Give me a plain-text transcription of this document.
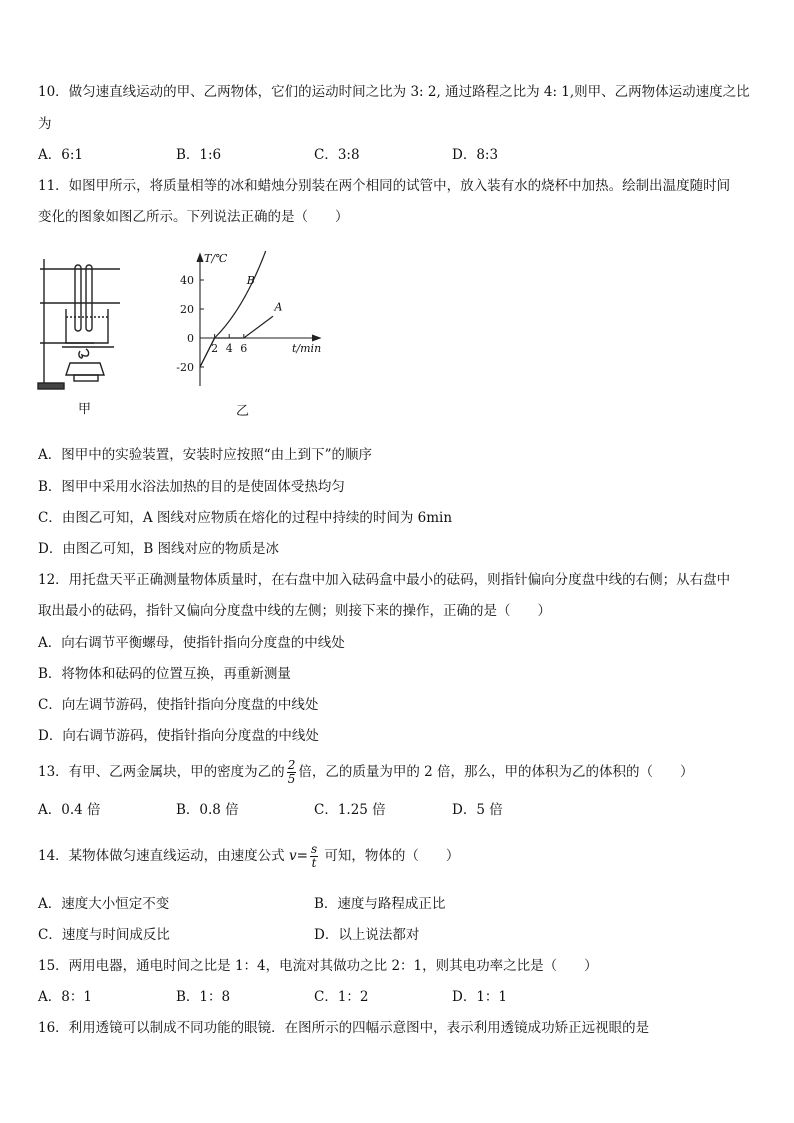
10．做匀速直线运动的甲、乙两物体，它们的运动时间之比为 3: 2, 通过路程之比为 4: 1,则甲、乙两物体运动速度之比
为
A．6:1	B．1:6	C．3:8	D．8:3
11．如图甲所示，将质量相等的冰和蜡烛分别装在两个相同的试管中，放入装有水的烧杯中加热。绘制出温度随时间
变化的图象如图乙所示。下列说法正确的是（　　）
甲
40
20
0
-20
2 4 6
T/℃
t/min
B
A
乙
A．图甲中的实验装置，安装时应按照“由上到下”的顺序
B．图甲中采用水浴法加热的目的是使固体受热均匀
C．由图乙可知，A 图线对应物质在熔化的过程中持续的时间为 6min
D．由图乙可知，B 图线对应的物质是冰
12．用托盘天平正确测量物体质量时，在右盘中加入砝码盒中最小的砝码，则指针偏向分度盘中线的右侧；从右盘中
取出最小的砝码，指针又偏向分度盘中线的左侧；则接下来的操作，正确的是（　　）
A．向右调节平衡螺母，使指针指向分度盘的中线处
B．将物体和砝码的位置互换，再重新测量
C．向左调节游码，使指针指向分度盘的中线处
D．向右调节游码，使指针指向分度盘的中线处
13．有甲、乙两金属块，甲的密度为乙的 $\frac{2}{5}$ 倍，乙的质量为甲的 2 倍，那么，甲的体积为乙的体积的（　　）
A．0.4 倍	B．0.8 倍	C．1.25 倍	D．5 倍
14．某物体做匀速直线运动，由速度公式 $v= \frac{s}{t}$ 可知，物体的（　　）
A．速度大小恒定不变	B．速度与路程成正比
C．速度与时间成反比	D．以上说法都对
15．两用电器，通电时间之比是 1：4，电流对其做功之比 2：1，则其电功率之比是（　　）
A．8：1	B．1：8	C．1：2	D．1：1
16．利用透镜可以制成不同功能的眼镜．在图所示的四幅示意图中，表示利用透镜成功矫正远视眼的是
